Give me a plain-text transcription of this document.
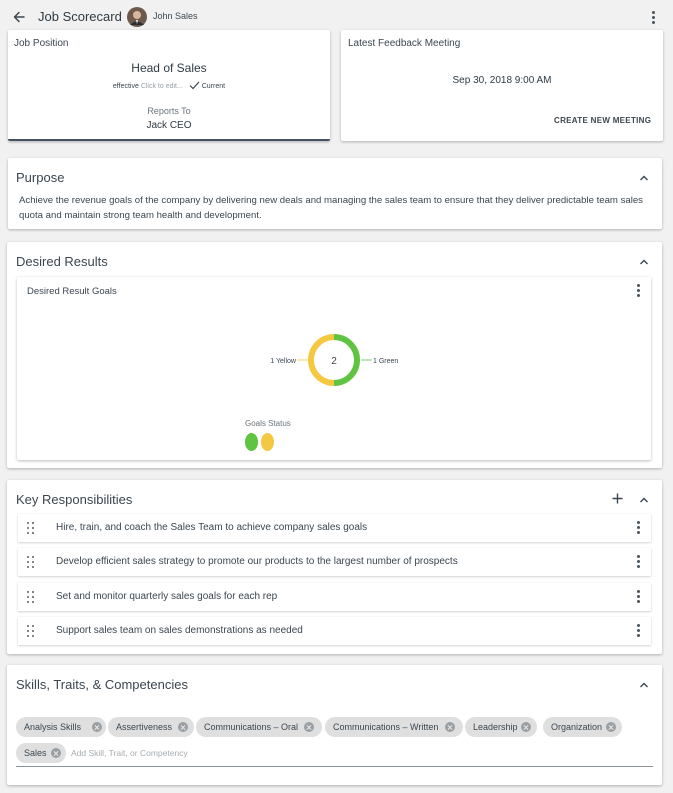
Job Scorecard	John Sales
Job Position
Head of Sales
effective Click to edit...	Current
Reports To
Jack CEO
Latest Feedback Meeting
Sep 30, 2018 9:00 AM
CREATE NEW MEETING
Purpose
Achieve the revenue goals of the company by delivering new deals and managing the sales team to ensure that they deliver predictable team sales quota and maintain strong team health and development.
Desired Results
Desired Result Goals
2
1 Yellow	1 Green
Goals Status
Key Responsibilities
Hire, train, and coach the Sales Team to achieve company sales goals
Develop efficient sales strategy to promote our products to the largest number of prospects
Set and monitor quarterly sales goals for each rep
Support sales team on sales demonstrations as needed
Skills, Traits, & Competencies
Analysis Skills	Assertiveness	Communications – Oral	Communications – Written	Leadership	Organization
Sales
Add Skill, Trait, or Competency
